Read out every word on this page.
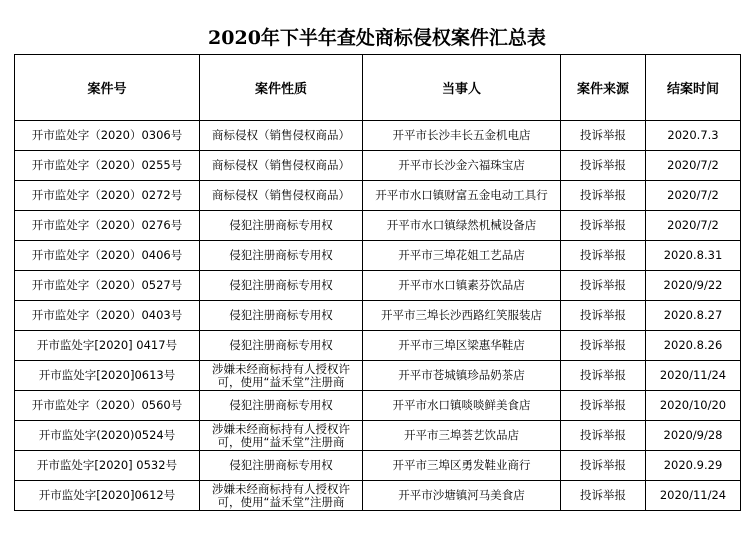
2020年下半年查处商标侵权案件汇总表
案件号	案件性质	当事人	案件来源	结案时间
开市监处字（2020）0306号	商标侵权（销售侵权商品）	开平市长沙丰长五金机电店	投诉举报	2020.7.3
开市监处字（2020）0255号	商标侵权（销售侵权商品）	开平市长沙金六福珠宝店	投诉举报	2020/7/2
开市监处字（2020）0272号	商标侵权（销售侵权商品）	开平市水口镇财富五金电动工具行	投诉举报	2020/7/2
开市监处字（2020）0276号	侵犯注册商标专用权	开平市水口镇绿然机械设备店	投诉举报	2020/7/2
开市监处字（2020）0406号	侵犯注册商标专用权	开平市三埠花姐工艺品店	投诉举报	2020.8.31
开市监处字（2020）0527号	侵犯注册商标专用权	开平市水口镇素芬饮品店	投诉举报	2020/9/22
开市监处字（2020）0403号	侵犯注册商标专用权	开平市三埠长沙西路红笑服装店	投诉举报	2020.8.27
开市监处字[2020] 0417号	侵犯注册商标专用权	开平市三埠区梁惠华鞋店	投诉举报	2020.8.26
开市监处字[2020]0613号	涉嫌未经商标持有人授权许可，使用“益禾堂”注册商	开平市苍城镇珍品奶茶店	投诉举报	2020/11/24
开市监处字（2020）0560号	侵犯注册商标专用权	开平市水口镇啖啖鲜美食店	投诉举报	2020/10/20
开市监处字(2020)0524号	涉嫌未经商标持有人授权许可，使用“益禾堂”注册商	开平市三埠荟艺饮品店	投诉举报	2020/9/28
开市监处字[2020] 0532号	侵犯注册商标专用权	开平市三埠区勇发鞋业商行	投诉举报	2020.9.29
开市监处字[2020]0612号	涉嫌未经商标持有人授权许可，使用“益禾堂”注册商	开平市沙塘镇河马美食店	投诉举报	2020/11/24
